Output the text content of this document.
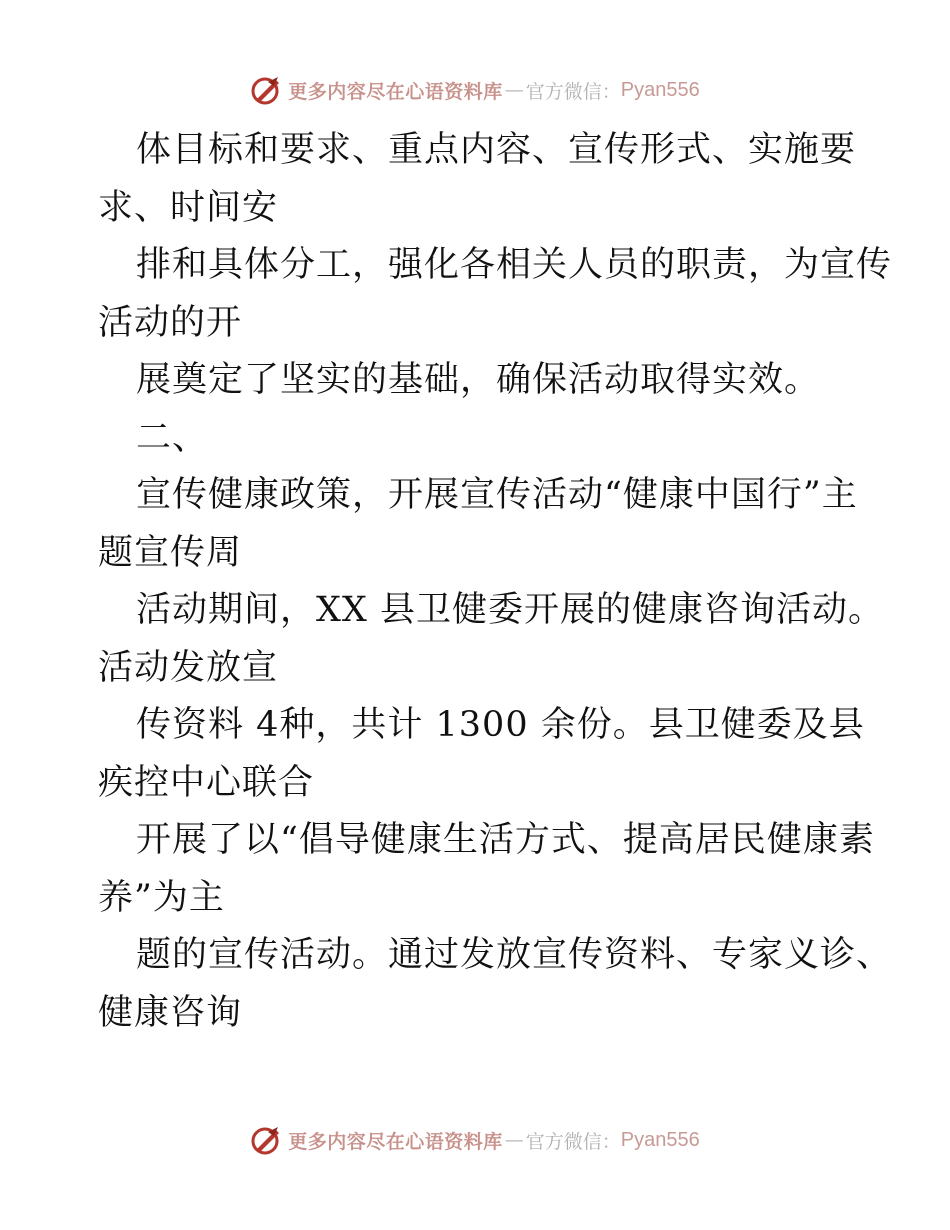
更多内容尽在心语资料库 — 官方微信： Pyan556
体目标和要求、重点内容、宣传形式、实施要
求、时间安
排和具体分工，强化各相关人员的职责，为宣传
活动的开
展奠定了坚实的基础，确保活动取得实效。
二、
宣传健康政策，开展宣传活动“健康中国行”主
题宣传周
活动期间，XX 县卫健委开展的健康咨询活动。
活动发放宣
传资料 4种，共计 1300 余份。县卫健委及县
疾控中心联合
开展了以“倡导健康生活方式、提高居民健康素
养”为主
题的宣传活动。通过发放宣传资料、专家义诊、
健康咨询
更多内容尽在心语资料库 — 官方微信： Pyan556
